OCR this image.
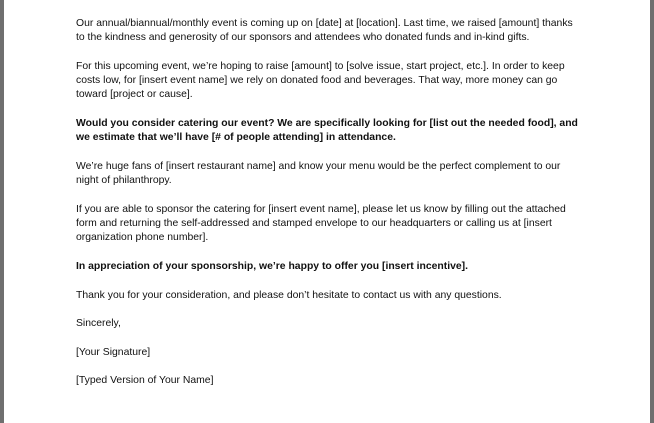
Our annual/biannual/monthly event is coming up on [date] at [location]. Last time, we raised [amount] thanks to the kindness and generosity of our sponsors and attendees who donated funds and in-kind gifts.

For this upcoming event, we’re hoping to raise [amount] to [solve issue, start project, etc.]. In order to keep costs low, for [insert event name] we rely on donated food and beverages. That way, more money can go toward [project or cause].

Would you consider catering our event? We are specifically looking for [list out the needed food], and we estimate that we’ll have [# of people attending] in attendance.

We’re huge fans of [insert restaurant name] and know your menu would be the perfect complement to our night of philanthropy.

If you are able to sponsor the catering for [insert event name], please let us know by filling out the attached form and returning the self-addressed and stamped envelope to our headquarters or calling us at [insert organization phone number].

In appreciation of your sponsorship, we’re happy to offer you [insert incentive].

Thank you for your consideration, and please don’t hesitate to contact us with any questions.

Sincerely,

[Your Signature]

[Typed Version of Your Name]
